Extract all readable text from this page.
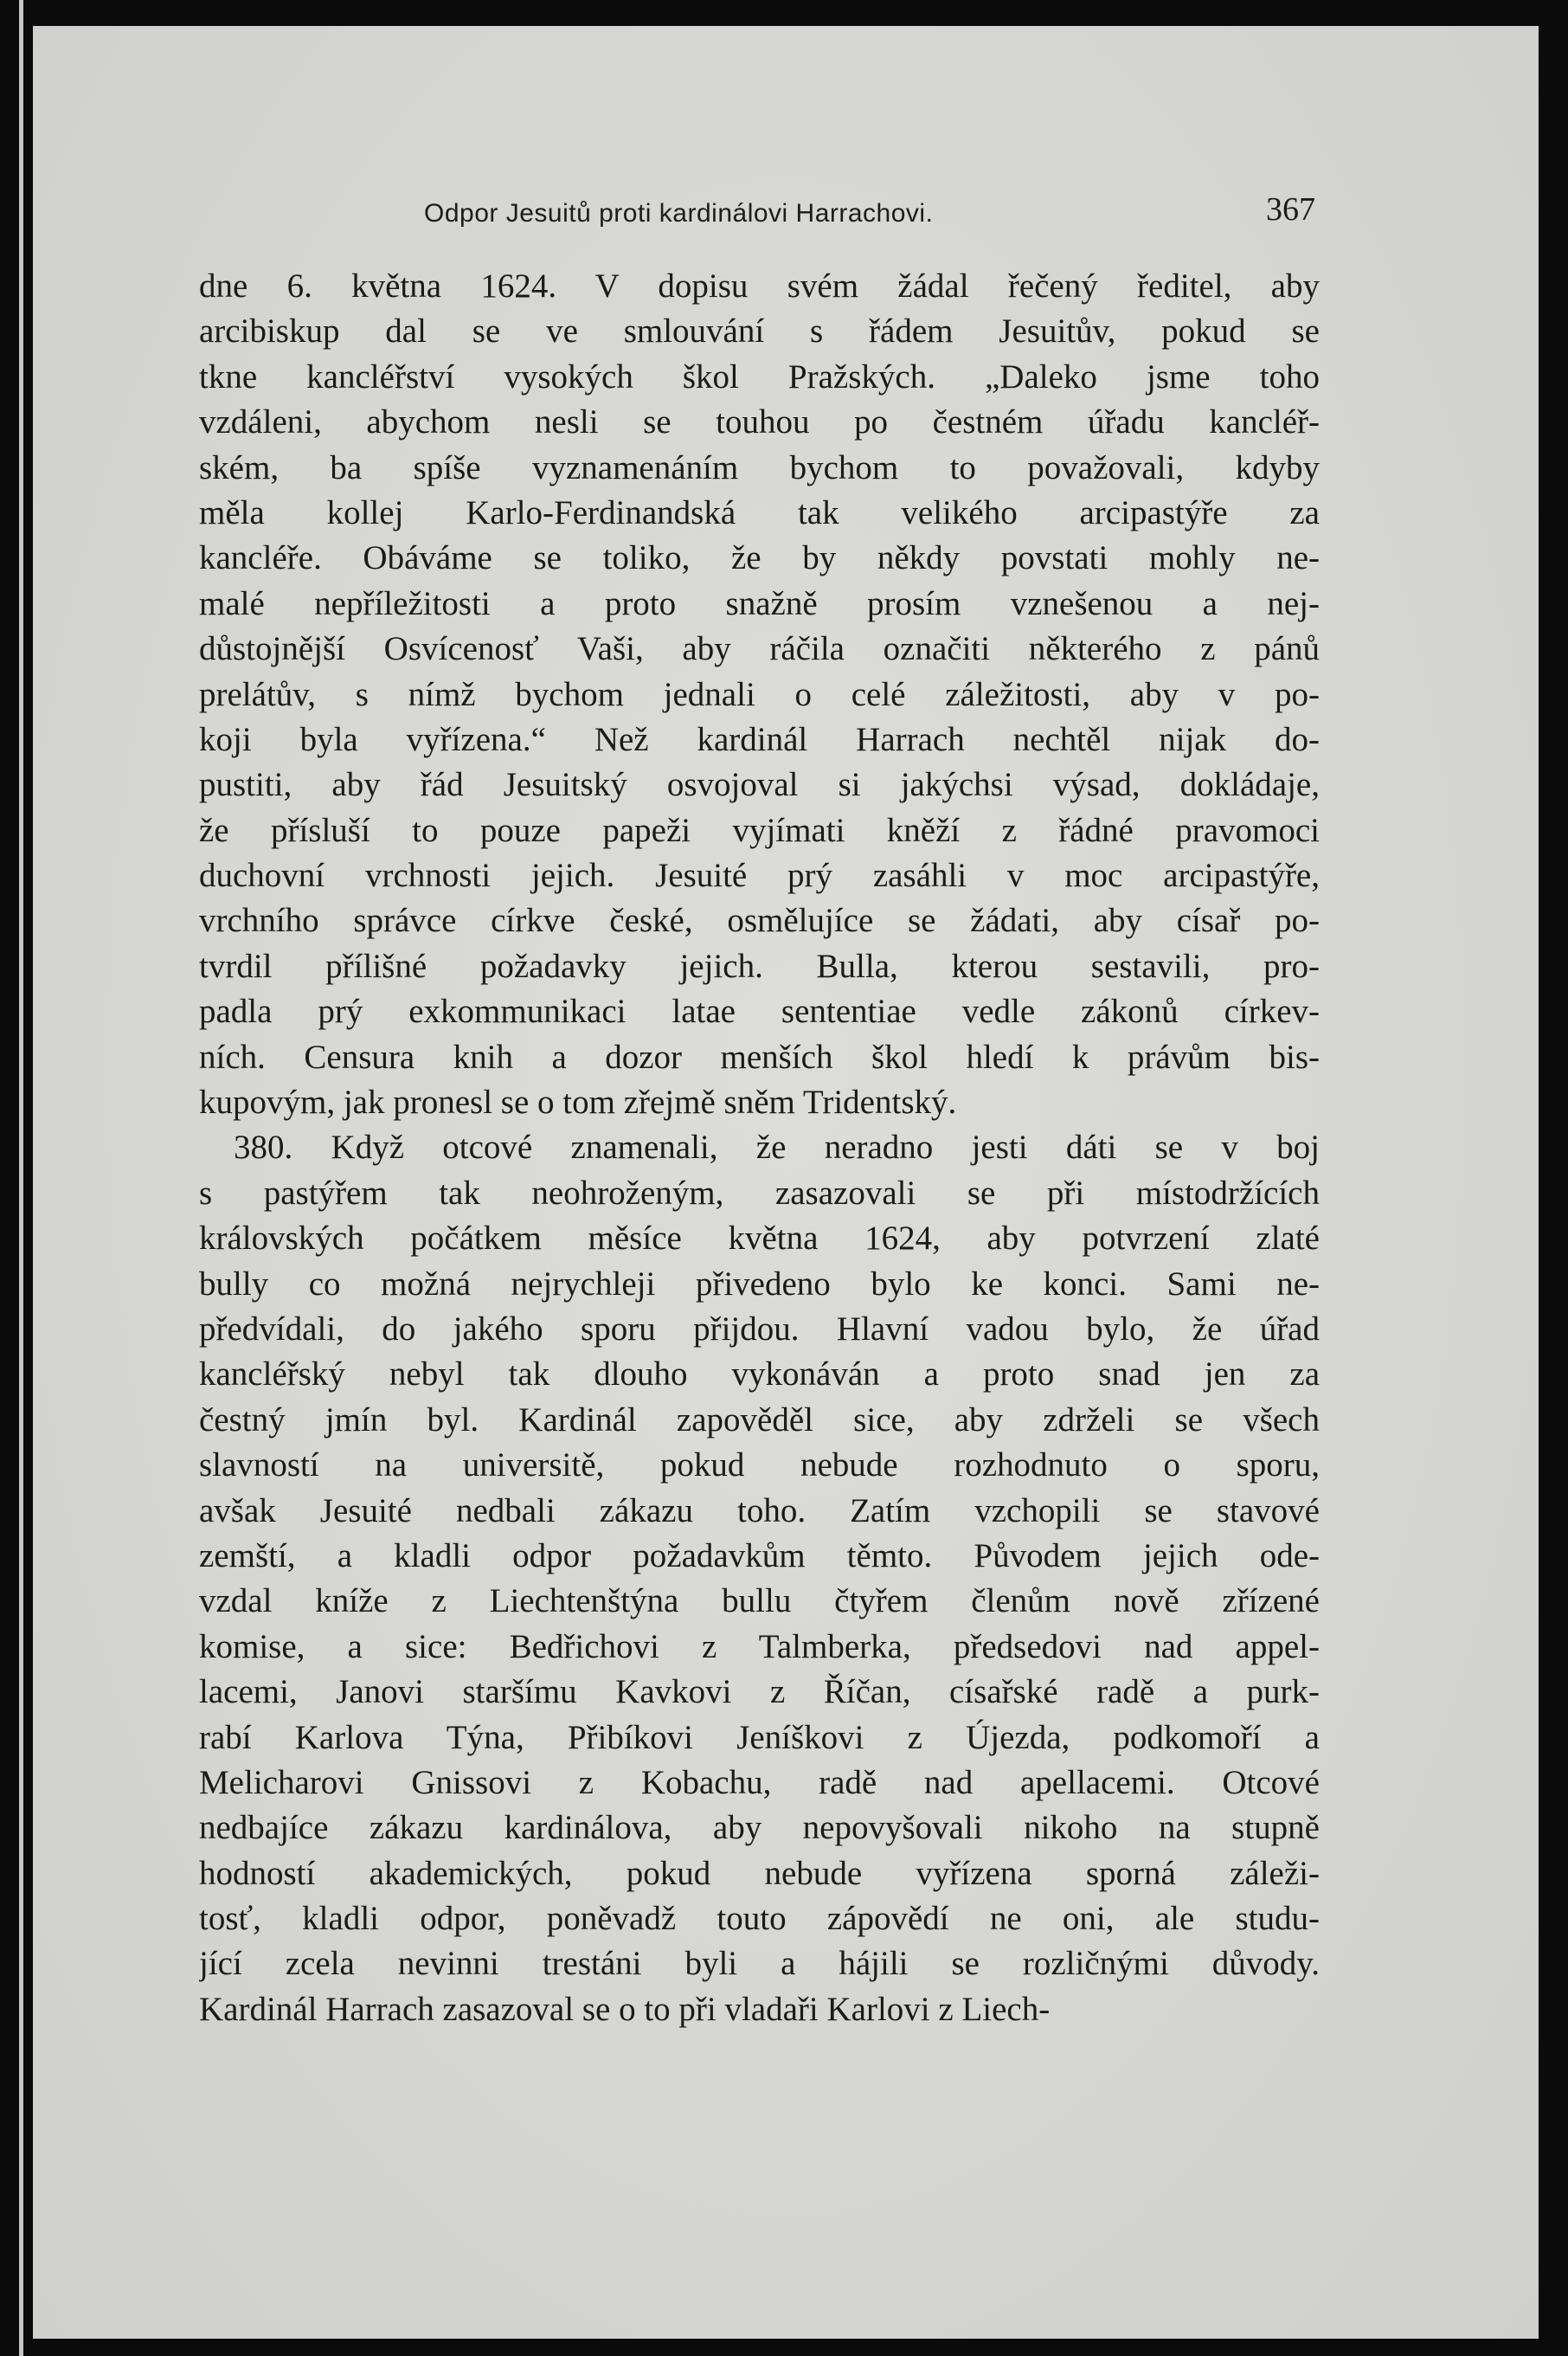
Odpor Jesuitů proti kardinálovi Harrachovi.	367
dne 6. května 1624. V dopisu svém žádal řečený ředitel, aby
arcibiskup dal se ve smlouvání s řádem Jesuitův, pokud se
tkne kancléřství vysokých škol Pražských. „Daleko jsme toho
vzdáleni, abychom nesli se touhou po čestném úřadu kancléř-
ském, ba spíše vyznamenáním bychom to považovali, kdyby
měla kollej Karlo-Ferdinandská tak velikého arcipastýře za
kancléře. Obáváme se toliko, že by někdy povstati mohly ne-
malé nepříležitosti a proto snažně prosím vznešenou a nej-
důstojnější Osvícenosť Vaši, aby ráčila označiti některého z pánů
prelátův, s nímž bychom jednali o celé záležitosti, aby v po-
koji byla vyřízena.“ Než kardinál Harrach nechtěl nijak do-
pustiti, aby řád Jesuitský osvojoval si jakýchsi výsad, dokládaje,
že přísluší to pouze papeži vyjímati kněží z řádné pravomoci
duchovní vrchnosti jejich. Jesuité prý zasáhli v moc arcipastýře,
vrchního správce církve české, osmělujíce se žádati, aby císař po-
tvrdil přílišné požadavky jejich. Bulla, kterou sestavili, pro-
padla prý exkommunikaci latae sententiae vedle zákonů církev-
ních. Censura knih a dozor menších škol hledí k právům bis-
kupovým, jak pronesl se o tom zřejmě sněm Tridentský.
380. Když otcové znamenali, že neradno jesti dáti se v boj
s pastýřem tak neohroženým, zasazovali se při místodržících
královských počátkem měsíce května 1624, aby potvrzení zlaté
bully co možná nejrychleji přivedeno bylo ke konci. Sami ne-
předvídali, do jakého sporu přijdou. Hlavní vadou bylo, že úřad
kancléřský nebyl tak dlouho vykonáván a proto snad jen za
čestný jmín byl. Kardinál zapověděl sice, aby zdrželi se všech
slavností na universitě, pokud nebude rozhodnuto o sporu,
avšak Jesuité nedbali zákazu toho. Zatím vzchopili se stavové
zemští, a kladli odpor požadavkům těmto. Původem jejich ode-
vzdal kníže z Liechtenštýna bullu čtyřem členům nově zřízené
komise, a sice: Bedřichovi z Talmberka, předsedovi nad appel-
lacemi, Janovi staršímu Kavkovi z Říčan, císařské radě a purk-
rabí Karlova Týna, Přibíkovi Jeníškovi z Újezda, podkomoří a
Melicharovi Gnissovi z Kobachu, radě nad apellacemi. Otcové
nedbajíce zákazu kardinálova, aby nepovyšovali nikoho na stupně
hodností akademických, pokud nebude vyřízena sporná záleži-
tosť, kladli odpor, poněvadž touto zápovědí ne oni, ale studu-
jící zcela nevinni trestáni byli a hájili se rozličnými důvody.
Kardinál Harrach zasazoval se o to při vladaři Karlovi z Liech-
